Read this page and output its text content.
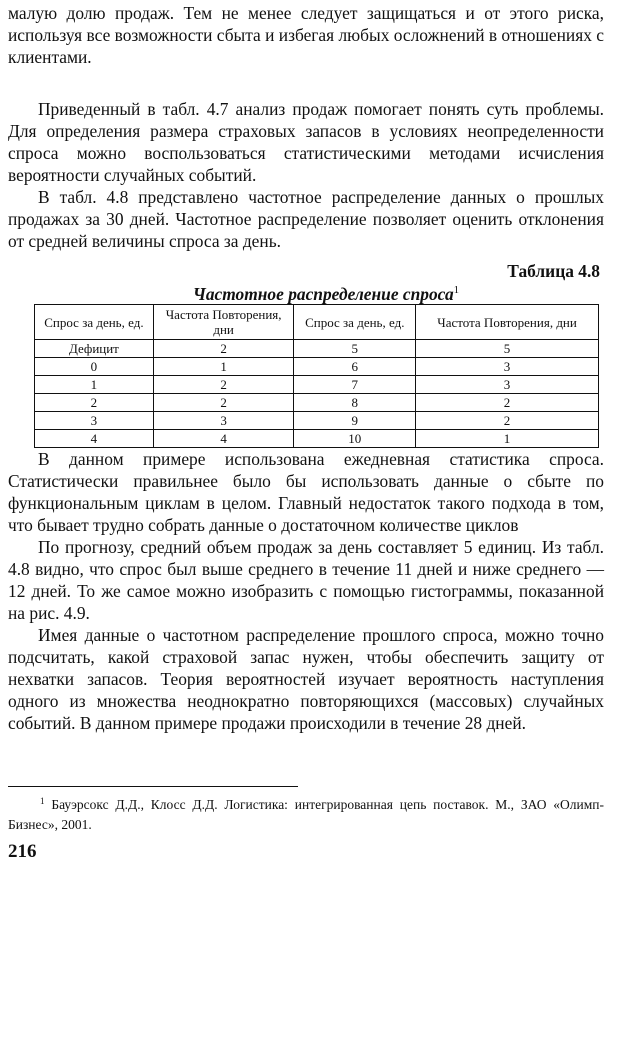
малую долю продаж. Тем не менее следует защищаться и от этого риска, используя все возможности сбыта и избегая любых осложнений в отношениях с клиентами.

Приведенный в табл. 4.7 анализ продаж помогает понять суть проблемы. Для определения размера страховых запасов в условиях неопределенности спроса можно воспользоваться статистическими методами исчисления вероятности случайных событий.

В табл. 4.8 представлено частотное распределение данных о прошлых продажах за 30 дней. Частотное распределение позволяет оценить отклонения от средней величины спроса за день.

Таблица 4.8
Частотное распределение спроса$^1$
Спрос за день, ед.	Частота Повторения, дни	Спрос за день, ед.	Частота Повторения, дни
Дефицит	2	5	5
0	1	6	3
1	2	7	3
2	2	8	2
3	3	9	2
4	4	10	1

В данном примере использована ежедневная статистика спроса. Статистически правильнее было бы использовать данные о сбыте по функциональным циклам в целом. Главный недостаток такого подхода в том, что бывает трудно собрать данные о достаточном количестве циклов

По прогнозу, средний объем продаж за день составляет 5 единиц. Из табл. 4.8 видно, что спрос был выше среднего в течение 11 дней и ниже среднего — 12 дней. То же самое можно изобразить с помощью гистограммы, показанной на рис. 4.9.

Имея данные о частотном распределение прошлого спроса, можно точно подсчитать, какой страховой запас нужен, чтобы обеспечить защиту от нехватки запасов. Теория вероятностей изучает вероятность наступления одного из множества неоднократно повторяющихся (массовых) случайных событий. В данном примере продажи происходили в течение 28 дней.

$^1$ Бауэрсокс Д.Д., Клосс Д.Д. Логистика: интегрированная цепь поставок. М., ЗАО «Олимп-Бизнес», 2001.

216
